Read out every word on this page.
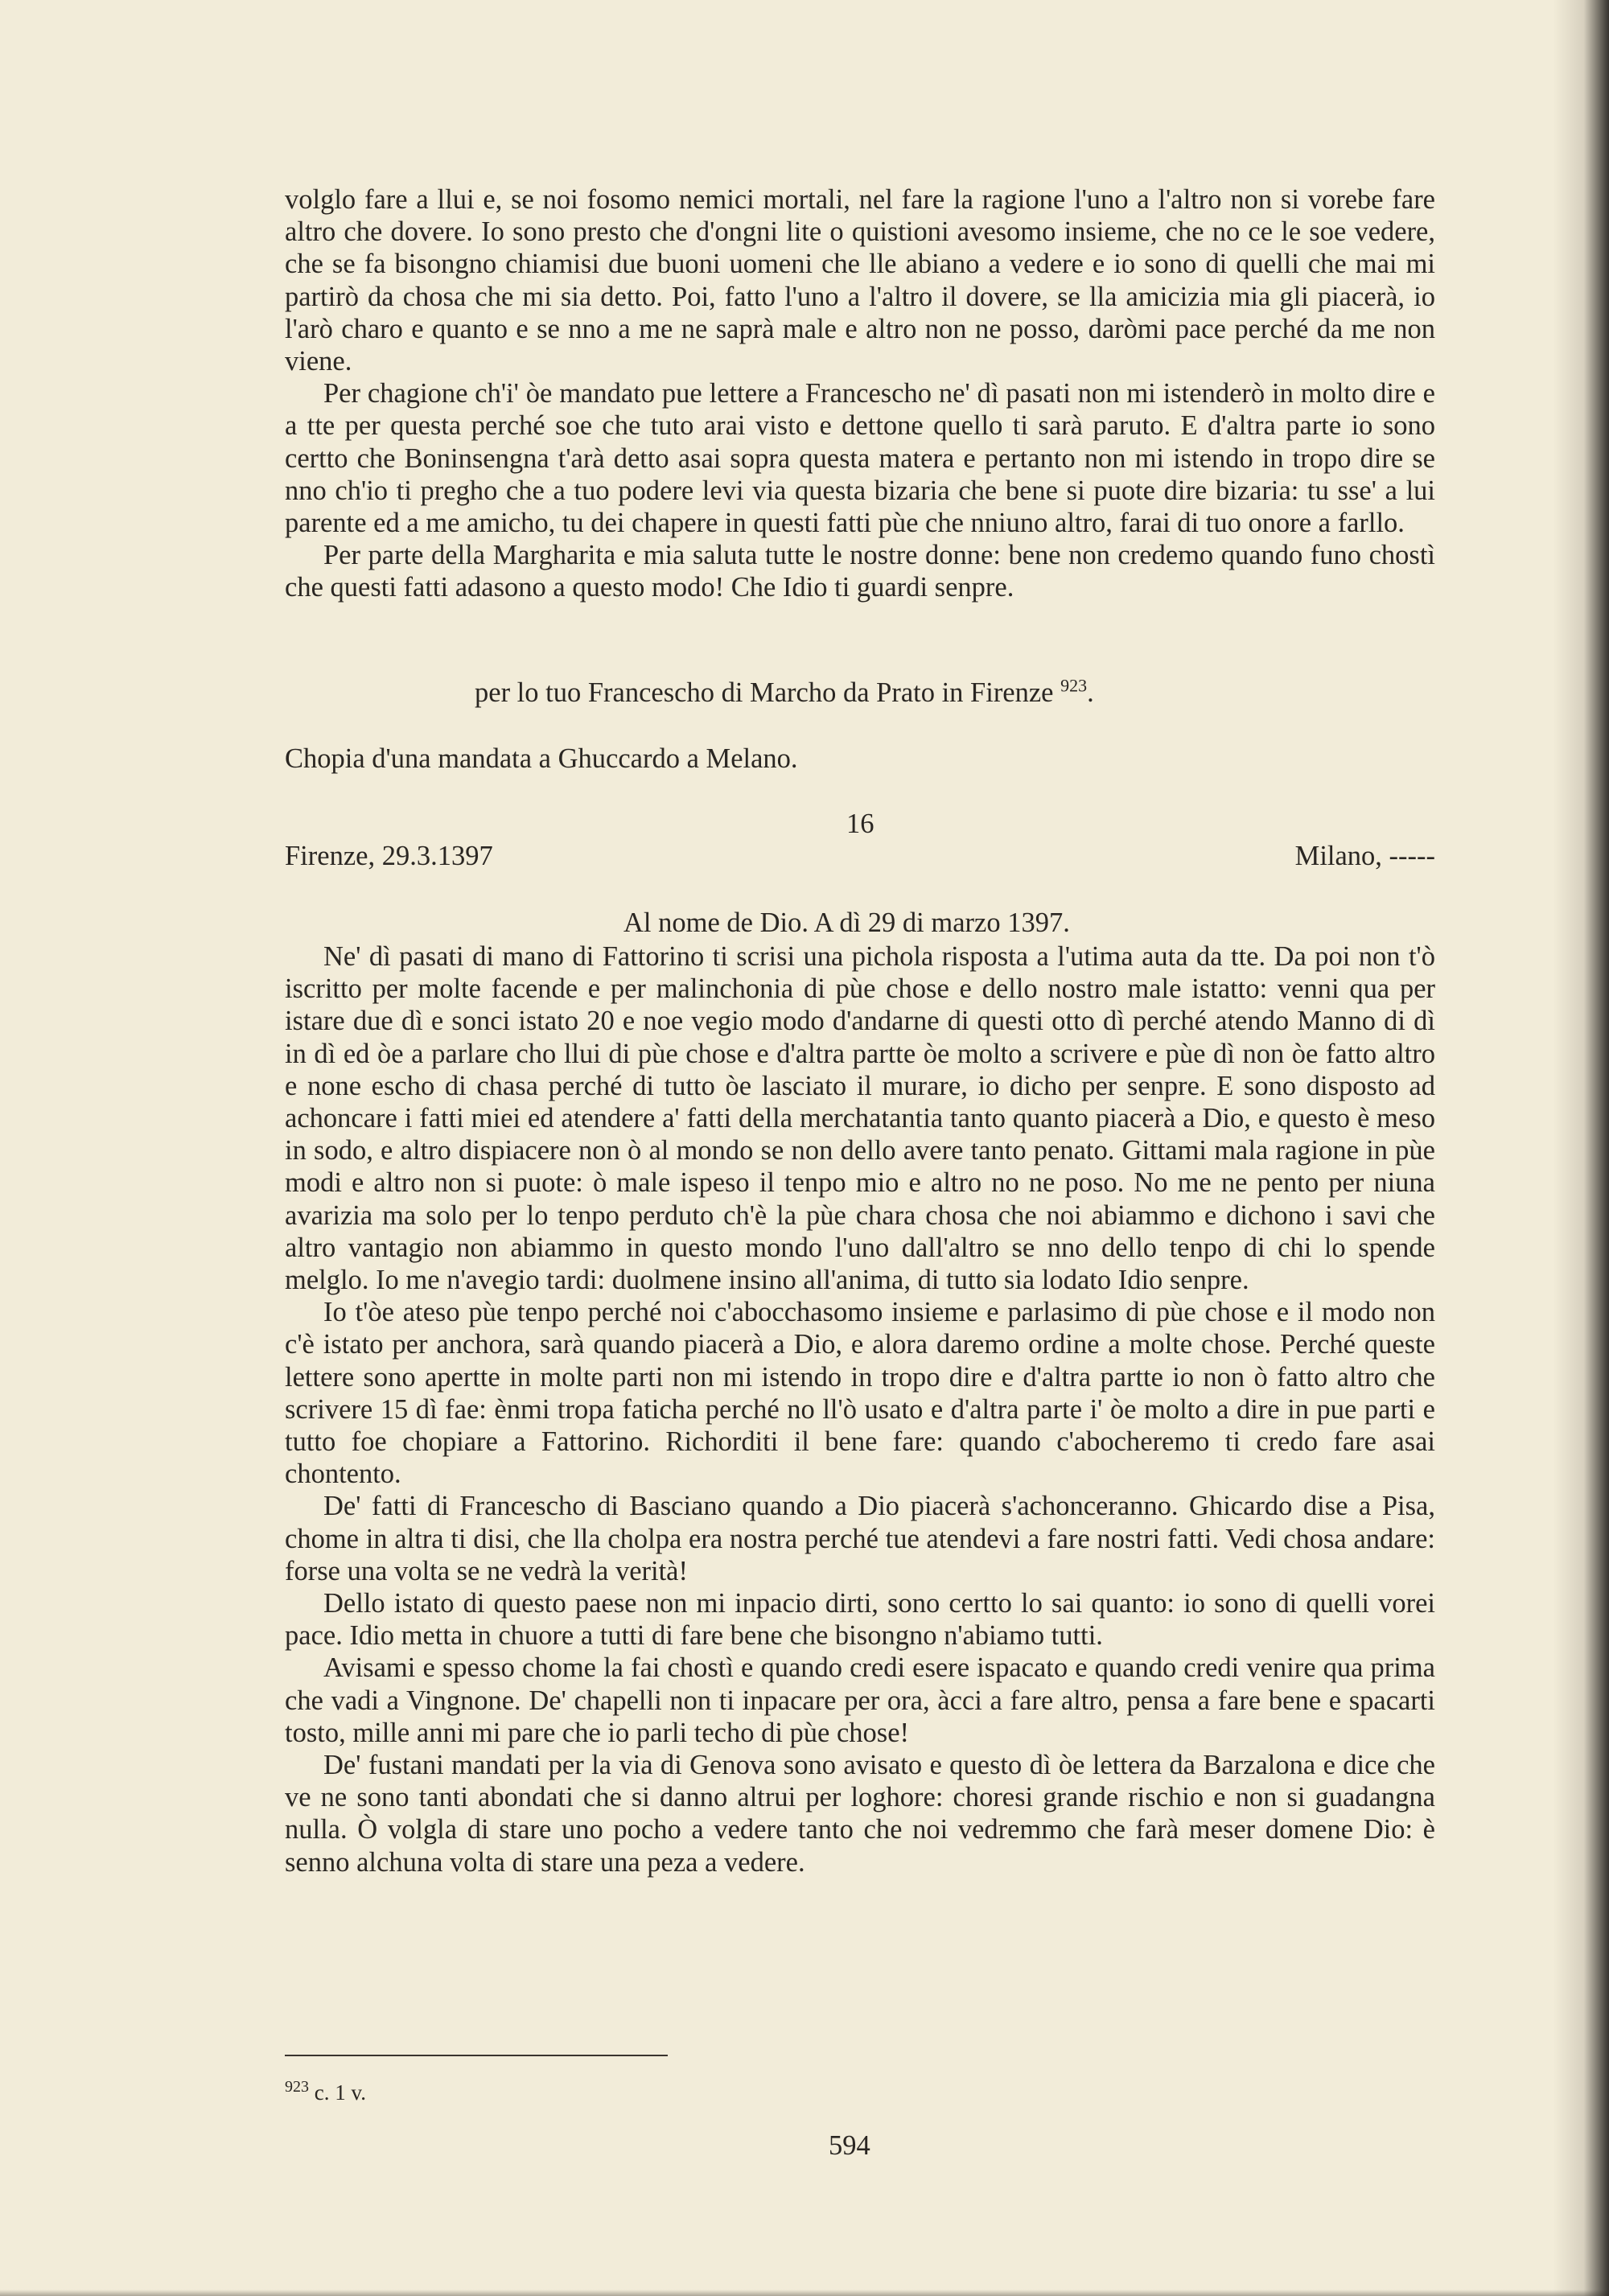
volglo fare a llui e, se noi fosomo nemici mortali, nel fare la ragione l'uno a l'altro non si vorebe fare altro che dovere. Io sono presto che d'ongni lite o quistioni avesomo insieme, che no ce le soe vedere, che se fa bisongno chiamisi due buoni uomeni che lle abiano a vedere e io sono di quelli che mai mi partirò da chosa che mi sia detto. Poi, fatto l'uno a l'altro il dovere, se lla amicizia mia gli piacerà, io l'arò charo e quanto e se nno a me ne saprà male e altro non ne posso, daròmi pace perché da me non viene.

Per chagione ch'i' òe mandato pue lettere a Francescho ne' dì pasati non mi istenderò in molto dire e a tte per questa perché soe che tuto arai visto e dettone quello ti sarà paruto. E d'altra parte io sono certto che Boninsengna t'arà detto asai sopra questa matera e pertanto non mi istendo in tropo dire se nno ch'io ti pregho che a tuo podere levi via questa bizaria che bene si puote dire bizaria: tu sse' a lui parente ed a me amicho, tu dei chapere in questi fatti pùe che nniuno altro, farai di tuo onore a farllo.

Per parte della Margharita e mia saluta tutte le nostre donne: bene non credemo quando funo chostì che questi fatti adasono a questo modo! Che Idio ti guardi senpre.

per lo tuo Francescho di Marcho da Prato in Firenze $^{923}$.
Chopia d'una mandata a Ghuccardo a Melano.
16
Firenze, 29.3.1397	Milano, -----
Al nome de Dio. A dì 29 di marzo 1397.

Ne' dì pasati di mano di Fattorino ti scrisi una pichola risposta a l'utima auta da tte. Da poi non t'ò iscritto per molte facende e per malinchonia di pùe chose e dello nostro male istatto: venni qua per istare due dì e sonci istato 20 e noe vegio modo d'andarne di questi otto dì perché atendo Manno di dì in dì ed òe a parlare cho llui di pùe chose e d'altra partte òe molto a scrivere e pùe dì non òe fatto altro e none escho di chasa perché di tutto òe lasciato il murare, io dicho per senpre. E sono disposto ad achoncare i fatti miei ed atendere a' fatti della merchatantia tanto quanto piacerà a Dio, e questo è meso in sodo, e altro dispiacere non ò al mondo se non dello avere tanto penato. Gittami mala ragione in pùe modi e altro non si puote: ò male ispeso il tenpo mio e altro no ne poso. No me ne pento per niuna avarizia ma solo per lo tenpo perduto ch'è la pùe chara chosa che noi abiammo e dichono i savi che altro vantagio non abiammo in questo mondo l'uno dall'altro se nno dello tenpo di chi lo spende melglo. Io me n'avegio tardi: duolmene insino all'anima, di tutto sia lodato Idio senpre.

Io t'òe ateso pùe tenpo perché noi c'abocchasomo insieme e parlasimo di pùe chose e il modo non c'è istato per anchora, sarà quando piacerà a Dio, e alora daremo ordine a molte chose. Perché queste lettere sono apertte in molte parti non mi istendo in tropo dire e d'altra partte io non ò fatto altro che scrivere 15 dì fae: ènmi tropa faticha perché no ll'ò usato e d'altra parte i' òe molto a dire in pue parti e tutto foe chopiare a Fattorino. Richorditi il bene fare: quando c'abocheremo ti credo fare asai chontento.

De' fatti di Francescho di Basciano quando a Dio piacerà s'achonceranno. Ghicardo dise a Pisa, chome in altra ti disi, che lla cholpa era nostra perché tue atendevi a fare nostri fatti. Vedi chosa andare: forse una volta se ne vedrà la verità!

Dello istato di questo paese non mi inpacio dirti, sono certto lo sai quanto: io sono di quelli vorei pace. Idio metta in chuore a tutti di fare bene che bisongno n'abiamo tutti.

Avisami e spesso chome la fai chostì e quando credi esere ispacato e quando credi venire qua prima che vadi a Vingnone. De' chapelli non ti inpacare per ora, àcci a fare altro, pensa a fare bene e spacarti tosto, mille anni mi pare che io parli techo di pùe chose!

De' fustani mandati per la via di Genova sono avisato e questo dì òe lettera da Barzalona e dice che ve ne sono tanti abondati che si danno altrui per loghore: choresi grande rischio e non si guadangna nulla. Ò volgla di stare uno pocho a vedere tanto che noi vedremmo che farà meser domene Dio: è senno alchuna volta di stare una peza a vedere.

$^{923}$ c. 1 v.
594
